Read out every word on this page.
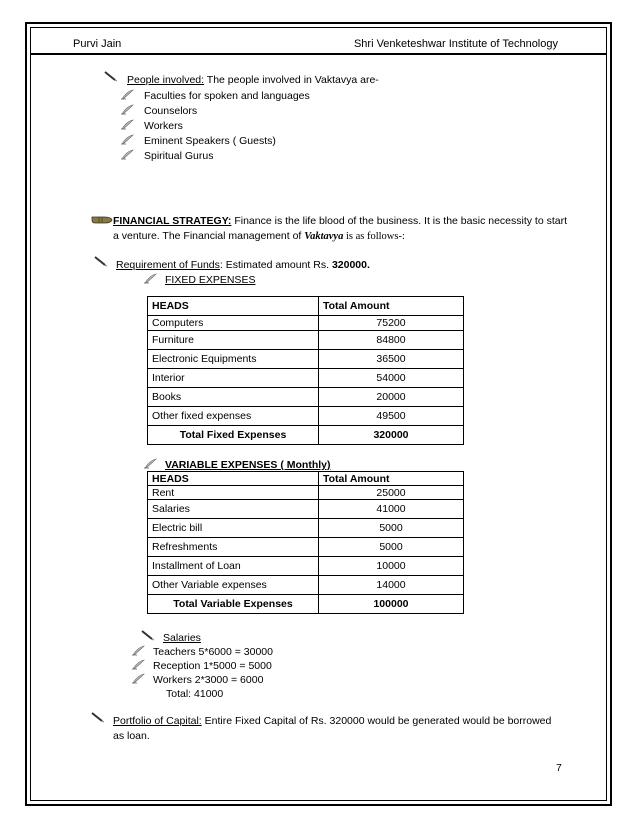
Purvi Jain	Shri Venketeshwar Institute of Technology
People involved: The people involved in Vaktavya are-
Faculties for spoken and languages
Counselors
Workers
Eminent Speakers ( Guests)
Spiritual Gurus
FINANCIAL STRATEGY: Finance is the life blood of the business. It is the basic necessity to start
a venture. The Financial management of Vaktavya is as follows-:
Requirement of Funds: Estimated amount Rs. 320000.
FIXED EXPENSES
HEADS	Total Amount
Computers	75200
Furniture	84800
Electronic Equipments	36500
Interior	54000
Books	20000
Other fixed expenses	49500
Total Fixed Expenses	320000
VARIABLE EXPENSES ( Monthly)
HEADS	Total Amount
Rent	25000
Salaries	41000
Electric bill	5000
Refreshments	5000
Installment of Loan	10000
Other Variable expenses	14000
Total Variable Expenses	100000
Salaries
Teachers 5*6000 = 30000
Reception 1*5000 = 5000
Workers 2*3000 = 6000
Total: 41000
Portfolio of Capital: Entire Fixed Capital of Rs. 320000 would be generated would be borrowed
as loan.
7
